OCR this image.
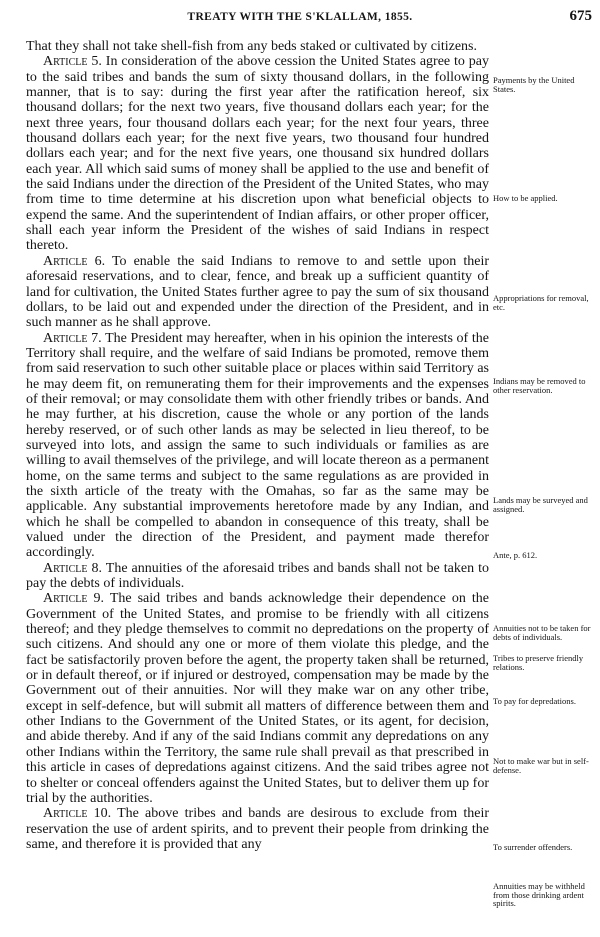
TREATY WITH THE S'KLALLAM, 1855.	675

That they shall not take shell-fish from any beds staked or cultivated by citizens.

Article 5. In consideration of the above cession the United States agree to pay to the said tribes and bands the sum of sixty thousand dollars, in the following manner, that is to say: during the first year after the ratification hereof, six thousand dollars; for the next two years, five thousand dollars each year; for the next three years, four thousand dollars each year; for the next four years, three thousand dollars each year; for the next five years, two thousand four hundred dollars each year; and for the next five years, one thousand six hundred dollars each year. All which said sums of money shall be applied to the use and benefit of the said Indians under the direction of the President of the United States, who may from time to time determine at his discretion upon what beneficial objects to expend the same. And the superintendent of Indian affairs, or other proper officer, shall each year inform the President of the wishes of said Indians in respect thereto.

Article 6. To enable the said Indians to remove to and settle upon their aforesaid reservations, and to clear, fence, and break up a sufficient quantity of land for cultivation, the United States further agree to pay the sum of six thousand dollars, to be laid out and expended under the direction of the President, and in such manner as he shall approve.

Article 7. The President may hereafter, when in his opinion the interests of the Territory shall require, and the welfare of said Indians be promoted, remove them from said reservation to such other suitable place or places within said Territory as he may deem fit, on remunerating them for their improvements and the expenses of their removal; or may consolidate them with other friendly tribes or bands. And he may further, at his discretion, cause the whole or any portion of the lands hereby reserved, or of such other lands as may be selected in lieu thereof, to be surveyed into lots, and assign the same to such individuals or families as are willing to avail themselves of the privilege, and will locate thereon as a permanent home, on the same terms and subject to the same regulations as are provided in the sixth article of the treaty with the Omahas, so far as the same may be applicable. Any substantial improvements heretofore made by any Indian, and which he shall be compelled to abandon in consequence of this treaty, shall be valued under the direction of the President, and payment made therefor accordingly.

Article 8. The annuities of the aforesaid tribes and bands shall not be taken to pay the debts of individuals.

Article 9. The said tribes and bands acknowledge their dependence on the Government of the United States, and promise to be friendly with all citizens thereof; and they pledge themselves to commit no depredations on the property of such citizens. And should any one or more of them violate this pledge, and the fact be satisfactorily proven before the agent, the property taken shall be returned, or in default thereof, or if injured or destroyed, compensation may be made by the Government out of their annuities. Nor will they make war on any other tribe, except in self-defence, but will submit all matters of difference between them and other Indians to the Government of the United States, or its agent, for decision, and abide thereby. And if any of the said Indians commit any depredations on any other Indians within the Territory, the same rule shall prevail as that prescribed in this article in cases of depredations against citizens. And the said tribes agree not to shelter or conceal offenders against the United States, but to deliver them up for trial by the authorities.

Article 10. The above tribes and bands are desirous to exclude from their reservation the use of ardent spirits, and to prevent their people from drinking the same, and therefore it is provided that any

Payments by the United States.
How to be applied.
Appropriations for removal, etc.
Indians may be removed to other reservation.
Lands may be surveyed and assigned.
Ante, p. 612.
Annuities not to be taken for debts of individuals.
Tribes to preserve friendly relations.
To pay for depredations.
Not to make war but in self-defense.
To surrender offenders.
Annuities may be withheld from those drinking ardent spirits.
